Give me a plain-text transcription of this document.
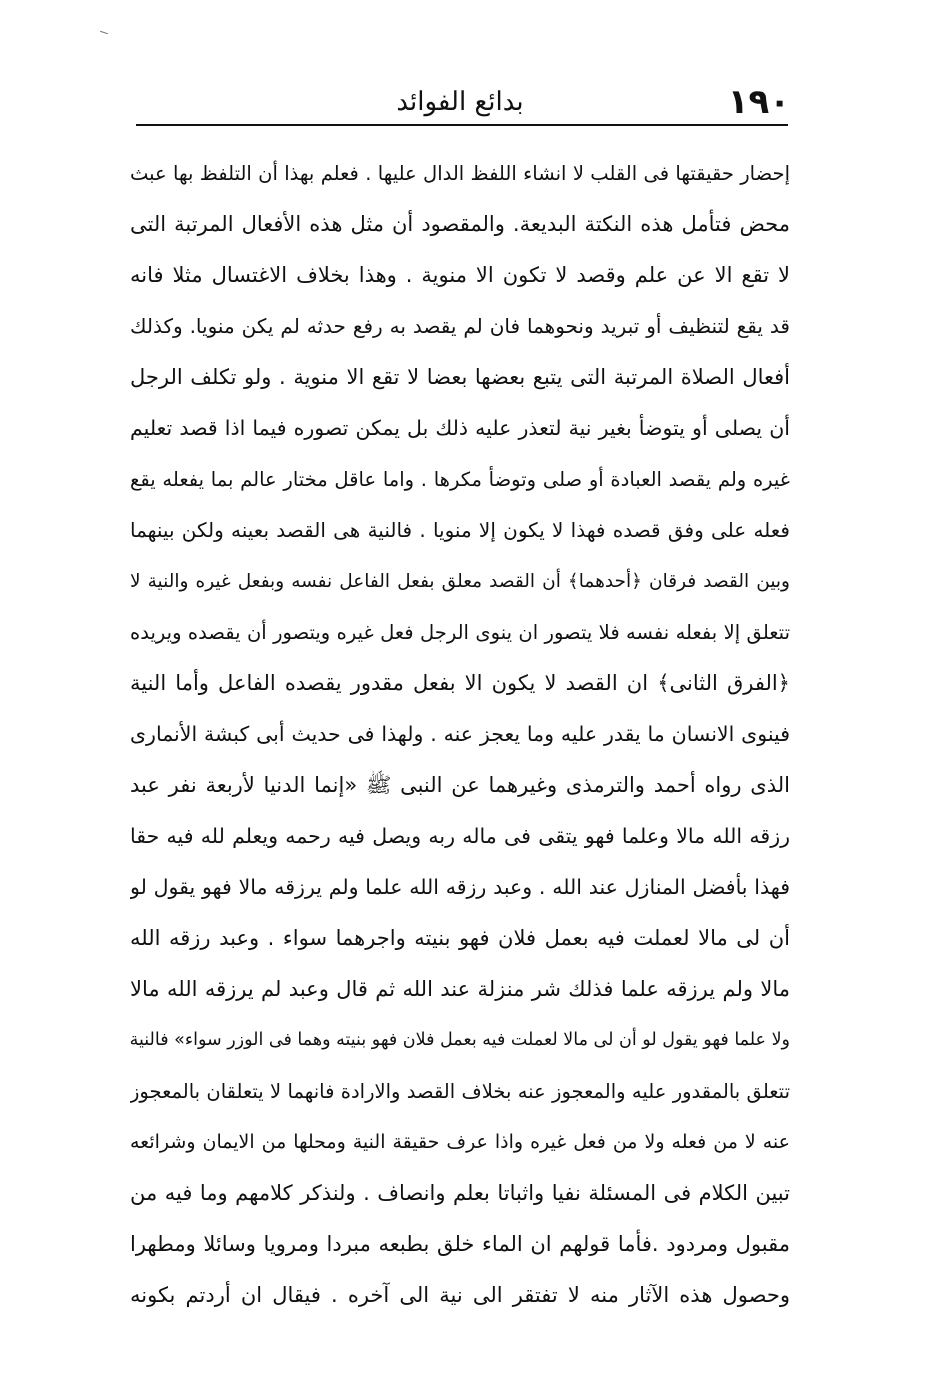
١٩٠
بدائع الفوائد
إحضار حقيقتها فى القلب لا انشاء اللفظ الدال عليها . فعلم بهذا أن التلفظ بها عبث
محض فتأمل هذه النكتة البديعة. والمقصود أن مثل هذه الأفعال المرتبة التى
لا تقع الا عن علم وقصد لا تكون الا منوية . وهذا بخلاف الاغتسال مثلا فانه
قد يقع لتنظيف أو تبريد ونحوهما فان لم يقصد به رفع حدثه لم يكن منويا. وكذلك
أفعال الصلاة المرتبة التى يتبع بعضها بعضا لا تقع الا منوية . ولو تكلف الرجل
أن يصلى أو يتوضأ بغير نية لتعذر عليه ذلك بل يمكن تصوره فيما اذا قصد تعليم
غيره ولم يقصد العبادة أو صلى وتوضأ مكرها . واما عاقل مختار عالم بما يفعله يقع
فعله على وفق قصده فهذا لا يكون إلا منويا . فالنية هى القصد بعينه ولكن بينهما
وبين القصد فرقان ﴿أحدهما﴾ أن القصد معلق بفعل الفاعل نفسه وبفعل غيره والنية لا
تتعلق إلا بفعله نفسه فلا يتصور ان ينوى الرجل فعل غيره ويتصور أن يقصده ويريده
﴿الفرق الثانى﴾ ان القصد لا يكون الا بفعل مقدور يقصده الفاعل وأما النية
فينوى الانسان ما يقدر عليه وما يعجز عنه . ولهذا فى حديث أبى كبشة الأنمارى
الذى رواه أحمد والترمذى وغيرهما عن النبى ﷺ «إنما الدنيا لأربعة نفر عبد
رزقه الله مالا وعلما فهو يتقى فى ماله ربه ويصل فيه رحمه ويعلم لله فيه حقا
فهذا بأفضل المنازل عند الله . وعبد رزقه الله علما ولم يرزقه مالا فهو يقول لو
أن لى مالا لعملت فيه بعمل فلان فهو بنيته واجرهما سواء . وعبد رزقه الله
مالا ولم يرزقه علما فذلك شر منزلة عند الله ثم قال وعبد لم يرزقه الله مالا
ولا علما فهو يقول لو أن لى مالا لعملت فيه بعمل فلان فهو بنيته وهما فى الوزر سواء» فالنية
تتعلق بالمقدور عليه والمعجوز عنه بخلاف القصد والارادة فانهما لا يتعلقان بالمعجوز
عنه لا من فعله ولا من فعل غيره واذا عرف حقيقة النية ومحلها من الايمان وشرائعه
تبين الكلام فى المسئلة نفيا واثباتا بعلم وانصاف . ولنذكر كلامهم وما فيه من
مقبول ومردود .فأما قولهم ان الماء خلق بطبعه مبردا ومرويا وسائلا ومطهرا
وحصول هذه الآثار منه لا تفتقر الى نية الى آخره . فيقال ان أردتم بكونه
